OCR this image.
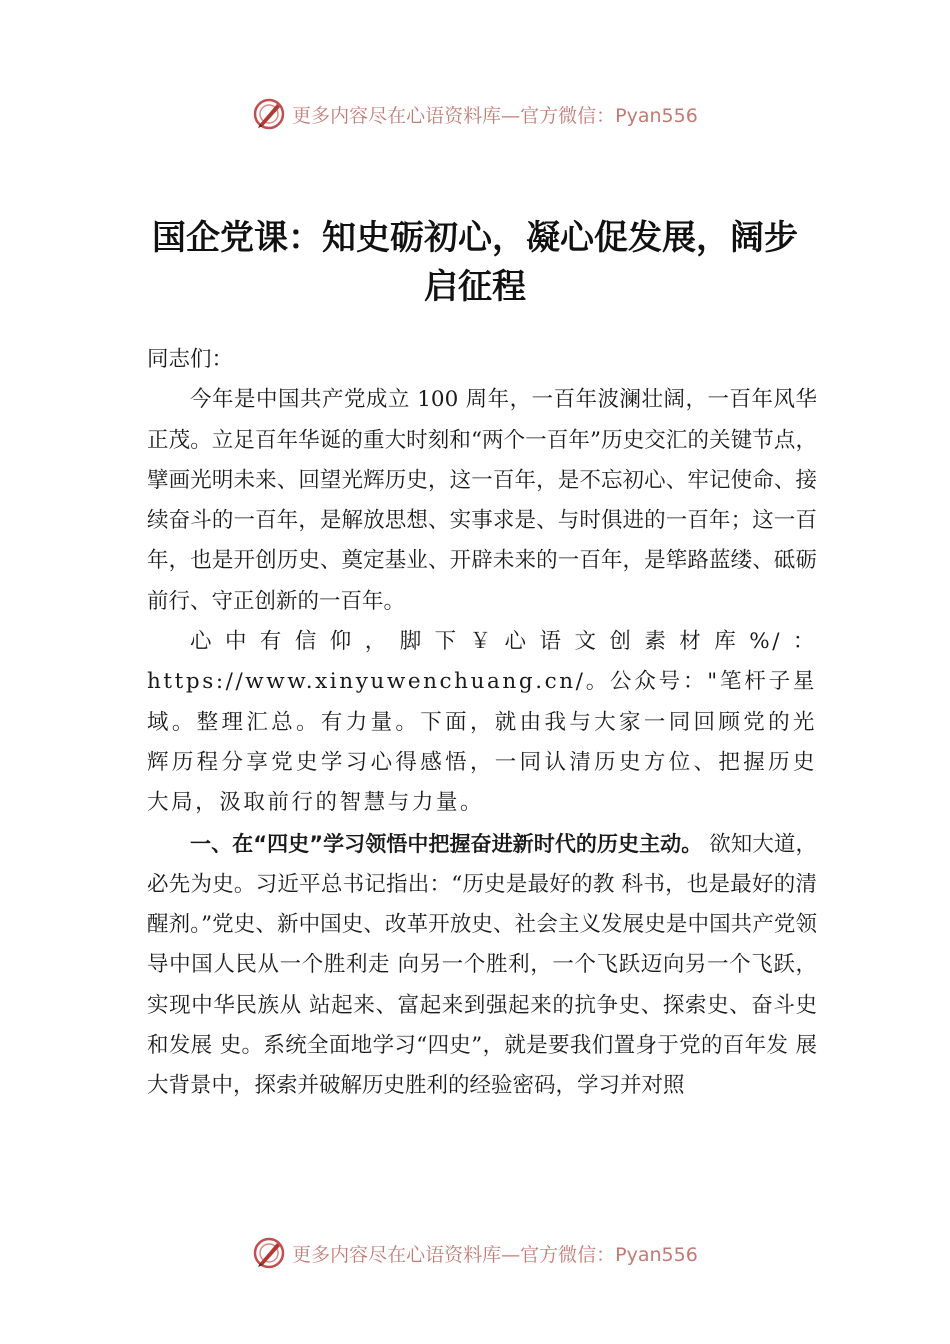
更多内容尽在心语资料库—官方微信：Pyan556
国企党课：知史砺初心，凝心促发展，阔步启征程

同志们：

今年是中国共产党成立 100 周年，一百年波澜壮阔，一百年风华正茂。立足百年华诞的重大时刻和“两个一百年”历史交汇的关键节点，擘画光明未来、回望光辉历史，这一百年，是不忘初心、牢记使命、接续奋斗的一百年，是解放思想、实事求是、与时俱进的一百年；这一百年，也是开创历史、奠定基业、开辟未来的一百年，是筚路蓝缕、砥砺前行、守正创新的一百年。

心中有信仰，脚下￥心语文创素材库%/：https://www.xinyuwenchuang.cn/。公众号："笔杆子星域。整理汇总。有力量。下面，就由我与大家一同回顾党的光辉历程分享党史学习心得感悟，一同认清历史方位、把握历史大局，汲取前行的智慧与力量。

一、在“四史”学习领悟中把握奋进新时代的历史主动。 欲知大道，必先为史。习近平总书记指出：“历史是最好的教 科书，也是最好的清醒剂。”党史、新中国史、改革开放史、社会主义发展史是中国共产党领导中国人民从一个胜利走 向另一个胜利，一个飞跃迈向另一个飞跃，实现中华民族从 站起来、富起来到强起来的抗争史、探索史、奋斗史和发展 史。系统全面地学习“四史”，就是要我们置身于党的百年发 展大背景中，探索并破解历史胜利的经验密码，学习并对照

更多内容尽在心语资料库—官方微信：Pyan556
